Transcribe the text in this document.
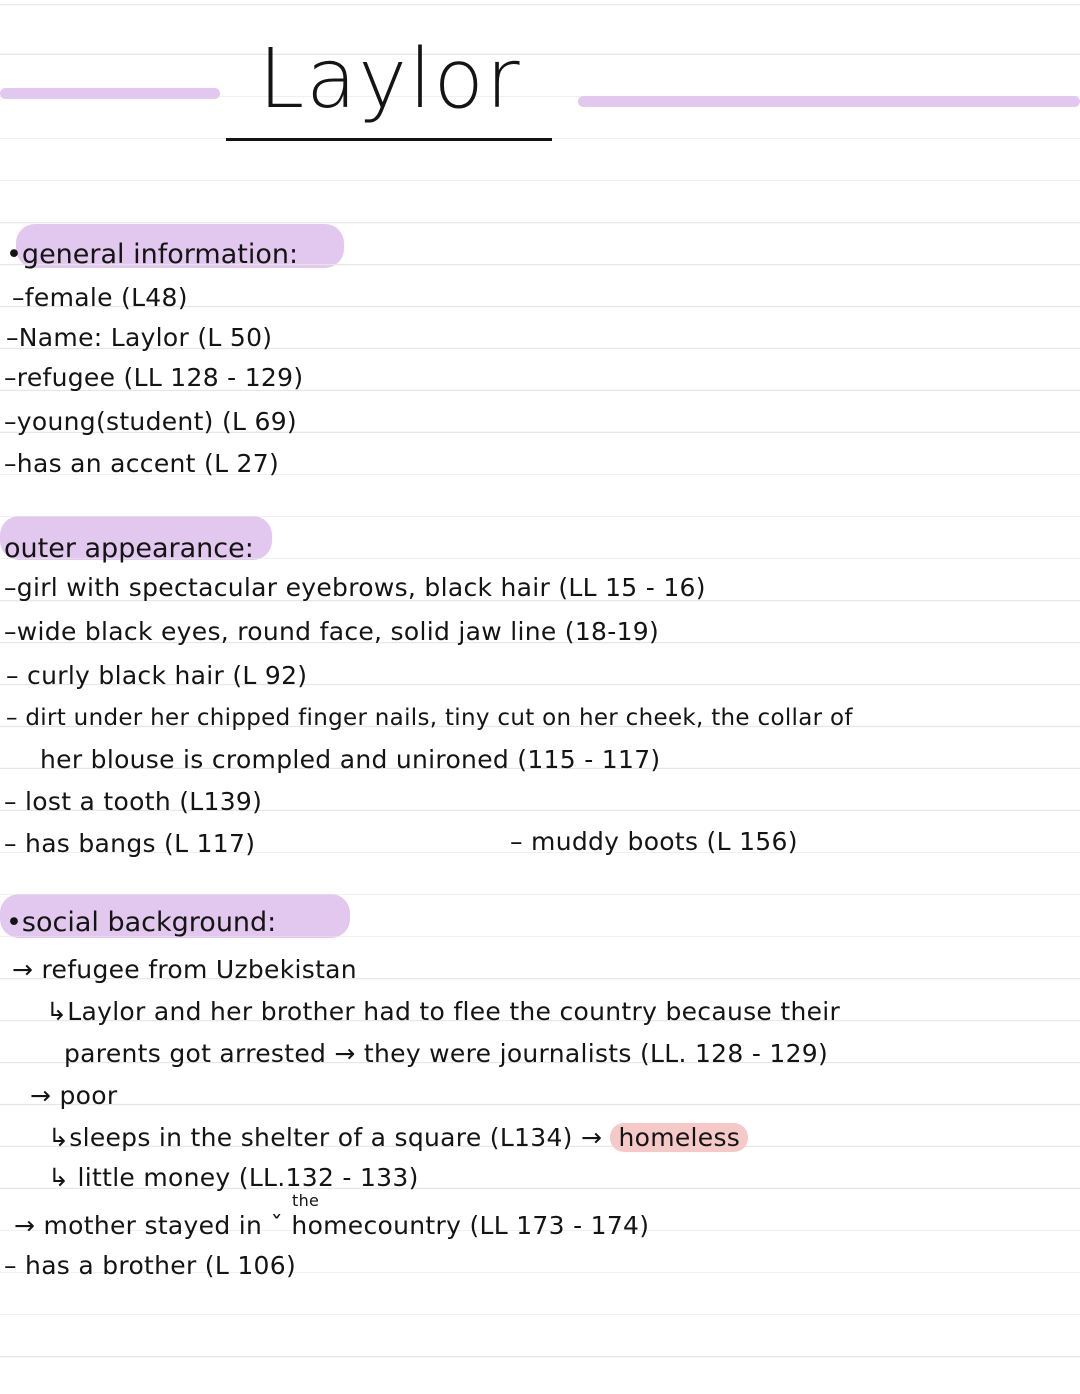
Laylor
•general information:
–female (L48)
–Name: Laylor (L 50)
–refugee (LL 128 - 129)
–young(student) (L 69)
–has an accent (L 27)
outer appearance:
–girl with spectacular eyebrows, black hair (LL 15 - 16)
–wide black eyes, round face, solid jaw line (18-19)
– curly black hair (L 92)
– dirt under her chipped finger nails, tiny cut on her cheek, the collar of
her blouse is crompled and unironed (115 - 117)
– lost a tooth (L139)
– has bangs (L 117)	– muddy boots (L 156)
•social background:
→ refugee from Uzbekistan
↳Laylor and her brother had to flee the country because their
parents got arrested → they were journalists (LL. 128 - 129)
→ poor
↳sleeps in the shelter of a square (L134) → homeless
↳ little money (LL.132 - 133)
the
→ mother stayed in ˇ homecountry (LL 173 - 174)
– has a brother (L 106)
